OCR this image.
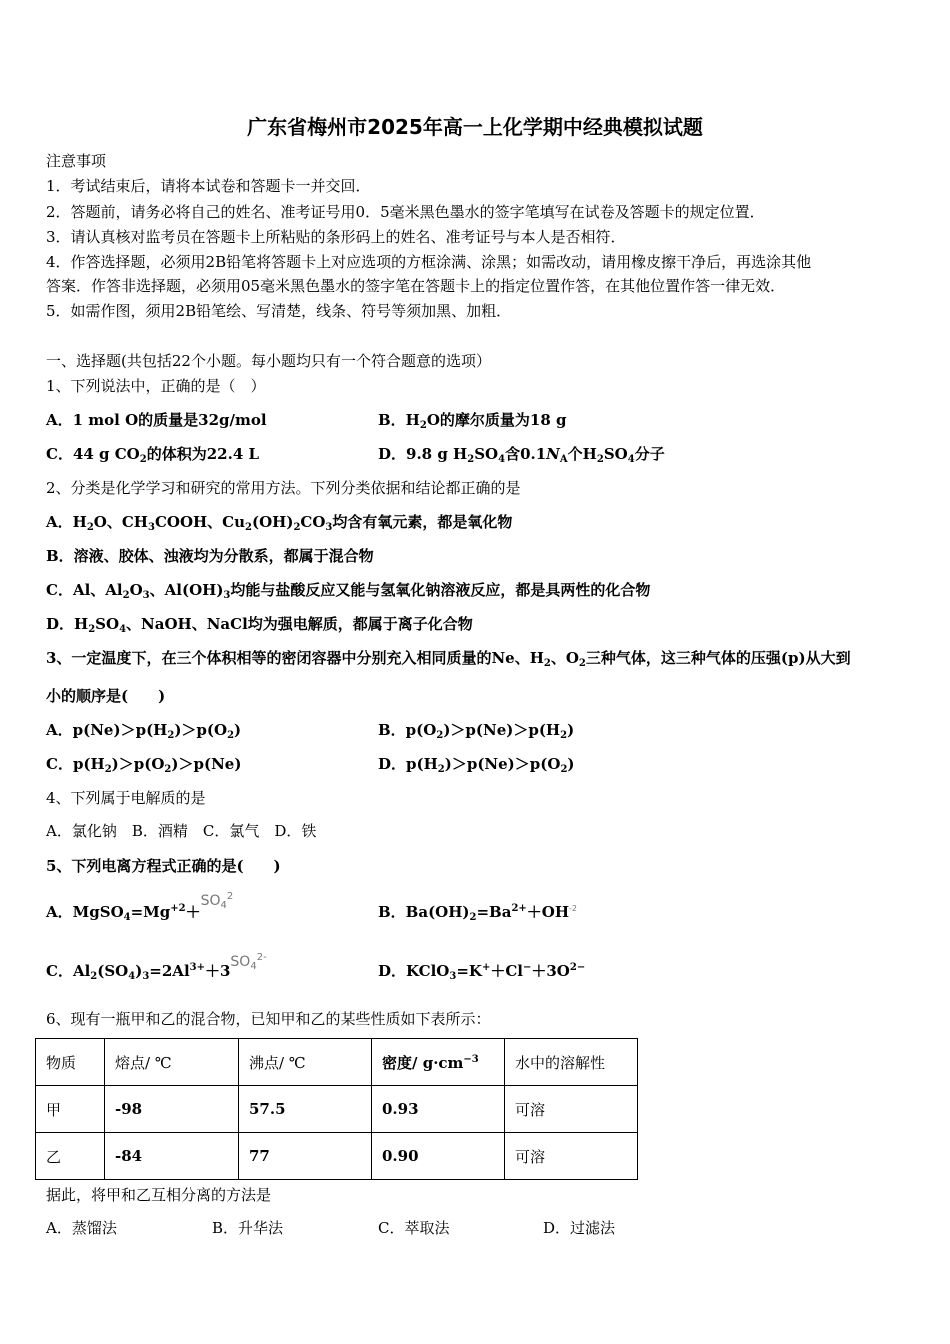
广东省梅州市2025年高一上化学期中经典模拟试题
注意事项
1．考试结束后，请将本试卷和答题卡一并交回．
2．答题前，请务必将自己的姓名、准考证号用0．5毫米黑色墨水的签字笔填写在试卷及答题卡的规定位置．
3．请认真核对监考员在答题卡上所粘贴的条形码上的姓名、准考证号与本人是否相符．
4．作答选择题，必须用2B铅笔将答题卡上对应选项的方框涂满、涂黑；如需改动，请用橡皮擦干净后，再选涂其他
答案．作答非选择题，必须用05毫米黑色墨水的签字笔在答题卡上的指定位置作答，在其他位置作答一律无效．
5．如需作图，须用2B铅笔绘、写清楚，线条、符号等须加黑、加粗．
一、选择题(共包括22个小题。每小题均只有一个符合题意的选项）
1、下列说法中，正确的是（　）
A．1 mol O的质量是32g/mol	B．$H_2O$的摩尔质量为18 g
C．44 g $CO_2$的体积为22.4 L	D．9.8 g $H_2SO_4$含$0.1N_A$个$H_2SO_4$分子
2、分类是化学学习和研究的常用方法。下列分类依据和结论都正确的是
A．$H_2O$、$CH_3COOH$、$Cu_2(OH)_2CO_3$均含有氧元素，都是氧化物
B．溶液、胶体、浊液均为分散系，都属于混合物
C．Al、$Al_2O_3$、$Al(OH)_3$均能与盐酸反应又能与氢氧化钠溶液反应，都是具两性的化合物
D．$H_2SO_4$、NaOH、NaCl均为强电解质，都属于离子化合物
3、一定温度下，在三个体积相等的密闭容器中分别充入相同质量的Ne、$H_2$、$O_2$三种气体，这三种气体的压强(p)从大到
小的顺序是(　　)
A．$p(Ne)>p(H_2)>p(O_2)$	B．$p(O_2)>p(Ne)>p(H_2)$
C．$p(H_2)>p(O_2)>p(Ne)$	D．$p(H_2)>p(Ne)>p(O_2)$
4、下列属于电解质的是
A．氯化钠　B．酒精　C．氯气　D．铁
5、下列电离方程式正确的是(　　)
A．$MgSO_4=Mg^{+2}+SO_4^2$
B．$Ba(OH)_2=Ba^{2+}+OH^{-2}$
C．$Al_2(SO_4)_3=2Al^{3+}+3SO_4^{2-}$
D．$KClO_3=K^++Cl^-+3O^{2-}$
6、现有一瓶甲和乙的混合物，已知甲和乙的某些性质如下表所示：
物质	熔点/ ℃	沸点/ ℃	密度/ $g\cdot cm^{-3}$	水中的溶解性
甲	-98	57.5	0.93	可溶
乙	-84	77	0.90	可溶
据此，将甲和乙互相分离的方法是
A．蒸馏法	B．升华法	C．萃取法	D．过滤法
